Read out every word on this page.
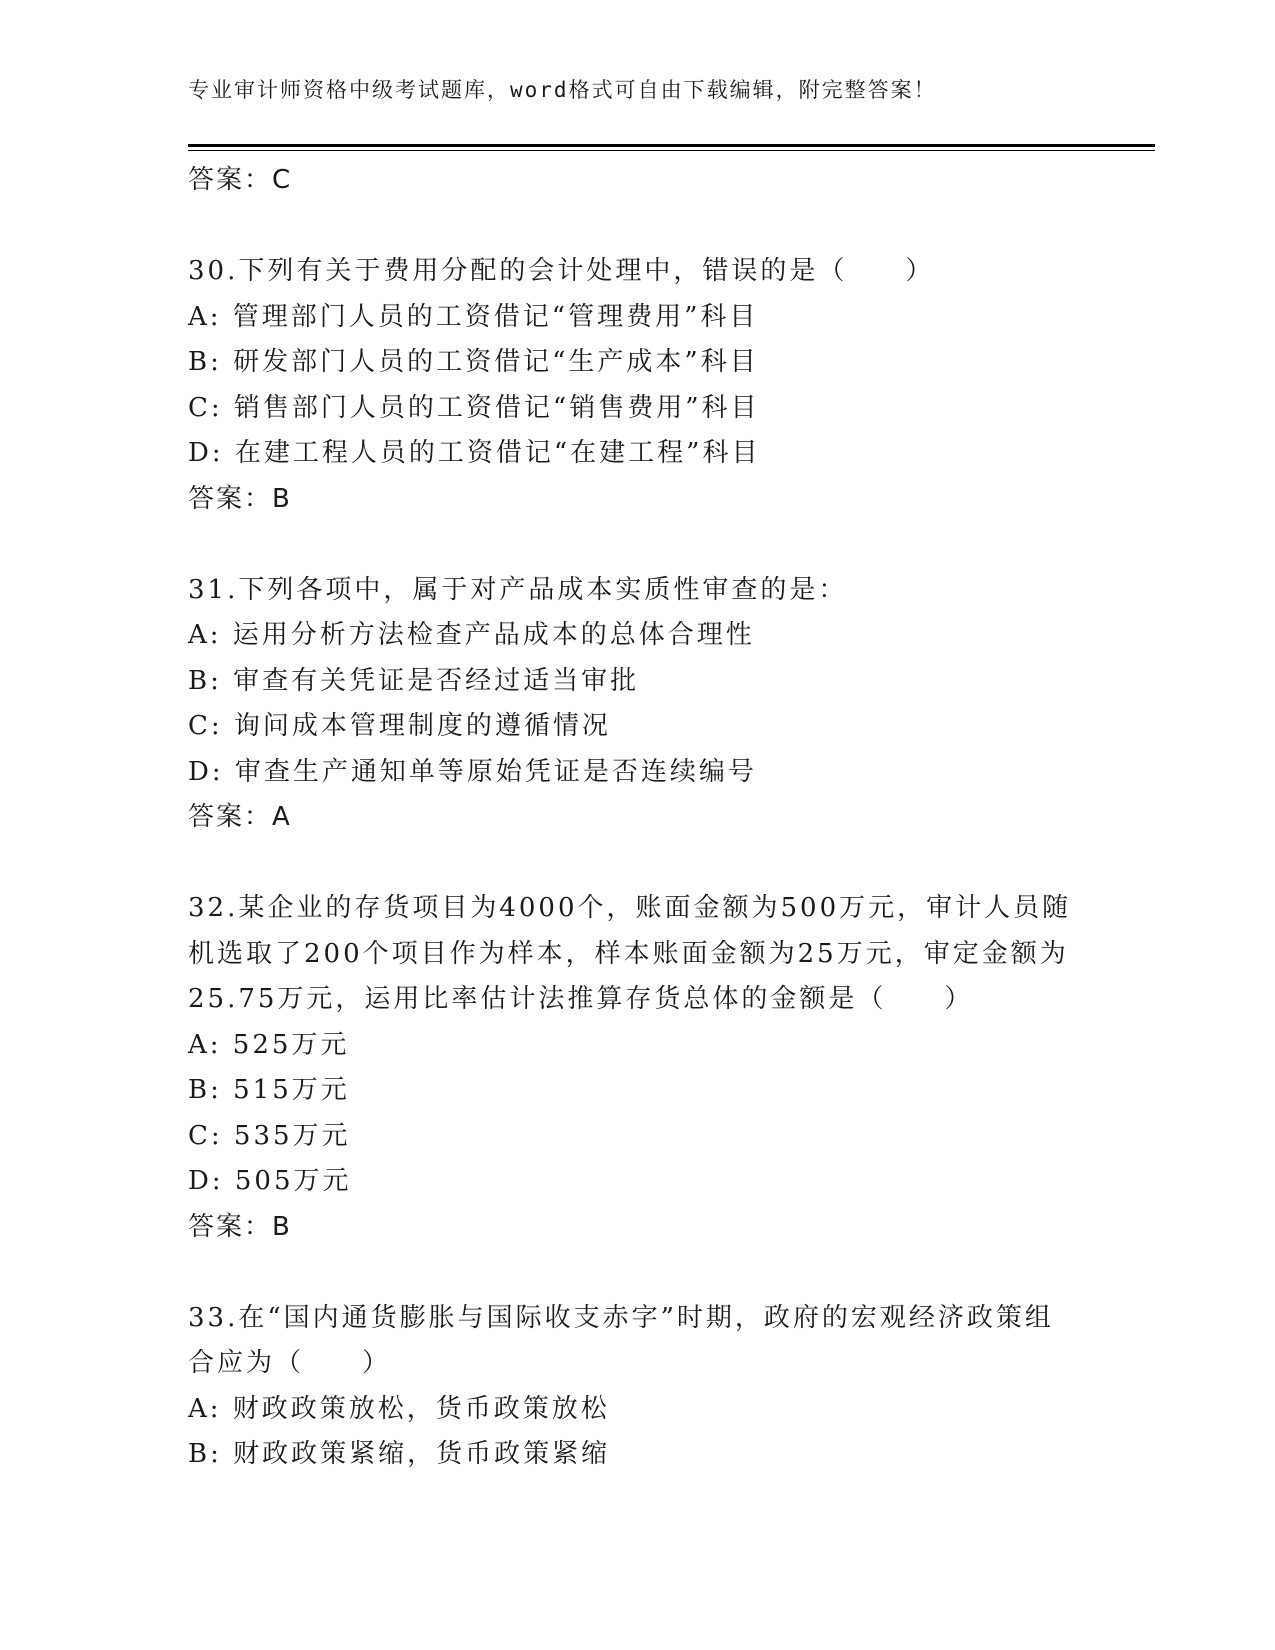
专业审计师资格中级考试题库，word格式可自由下载编辑，附完整答案！
答案：C
30.下列有关于费用分配的会计处理中，错误的是（　　）
A: 管理部门人员的工资借记“管理费用”科目
B: 研发部门人员的工资借记“生产成本”科目
C: 销售部门人员的工资借记“销售费用”科目
D: 在建工程人员的工资借记“在建工程”科目
答案：B
31.下列各项中，属于对产品成本实质性审查的是：
A: 运用分析方法检查产品成本的总体合理性
B: 审查有关凭证是否经过适当审批
C: 询问成本管理制度的遵循情况
D: 审查生产通知单等原始凭证是否连续编号
答案：A
32.某企业的存货项目为4000个，账面金额为500万元，审计人员随
机选取了200个项目作为样本，样本账面金额为25万元，审定金额为
25.75万元，运用比率估计法推算存货总体的金额是（　　）
A: 525万元
B: 515万元
C: 535万元
D: 505万元
答案：B
33.在“国内通货膨胀与国际收支赤字”时期，政府的宏观经济政策组
合应为（　　）
A: 财政政策放松，货币政策放松
B: 财政政策紧缩，货币政策紧缩
